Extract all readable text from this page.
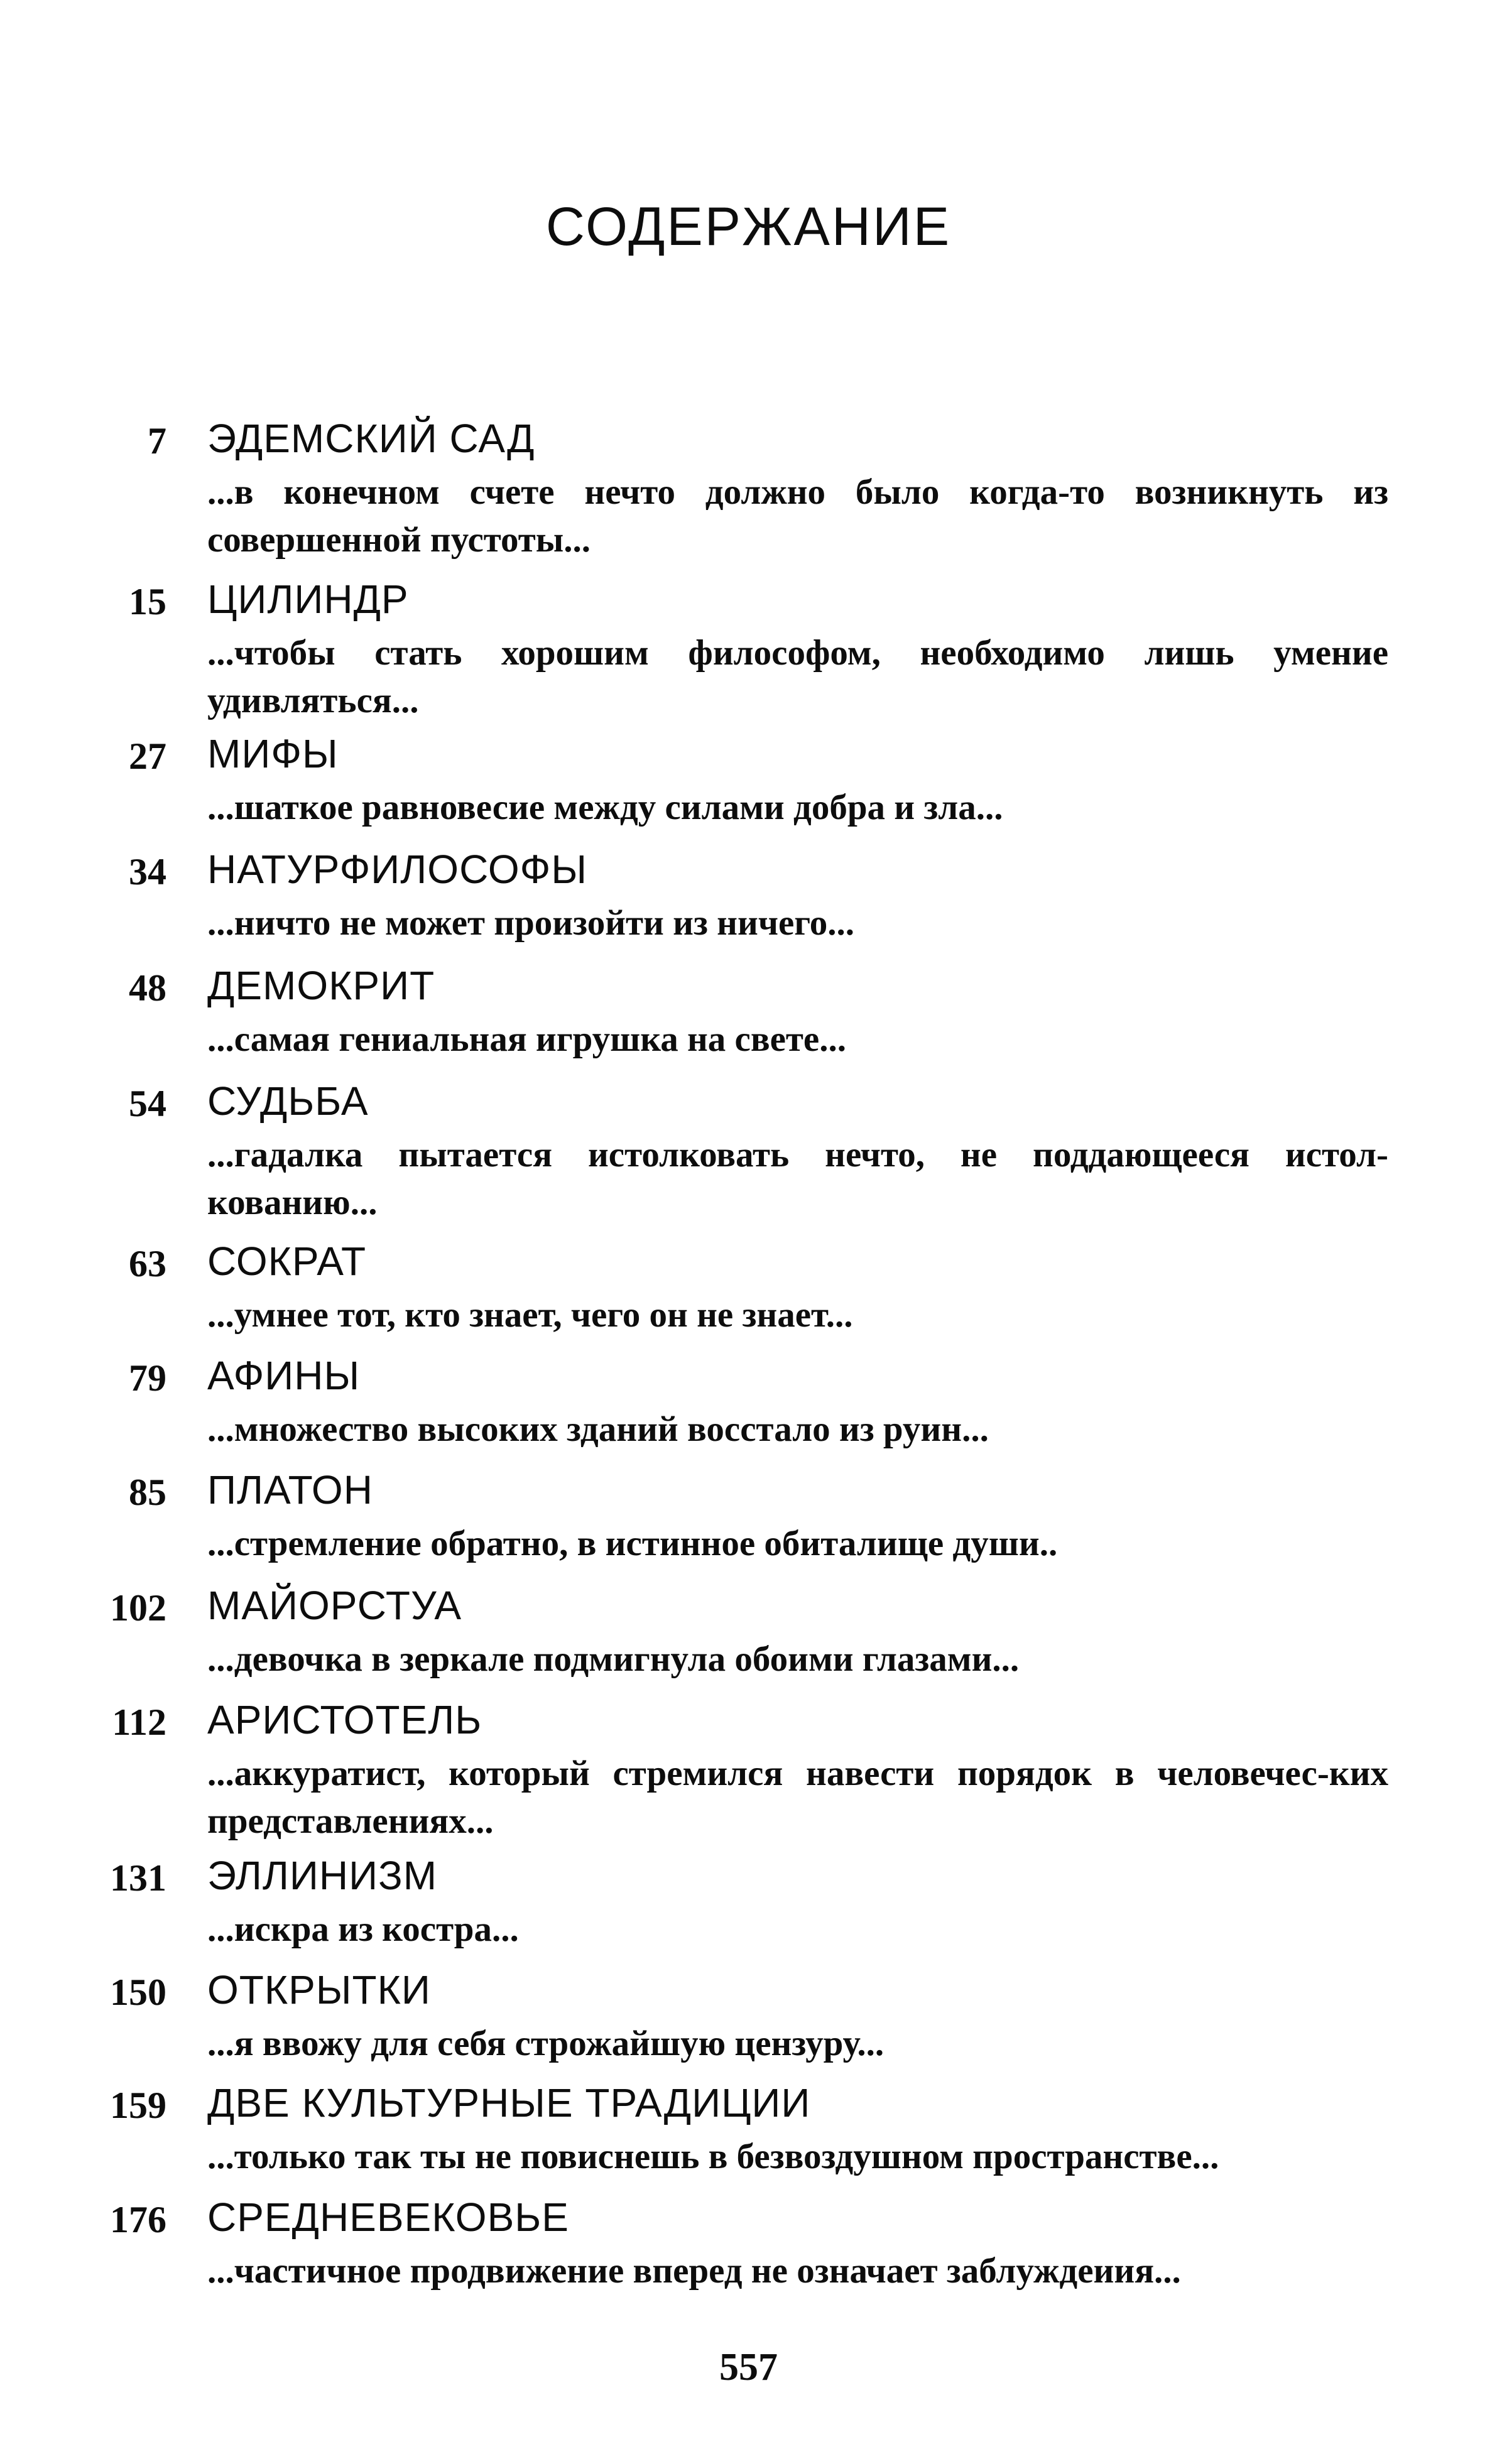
СОДЕРЖАНИЕ
7 ЭДЕМСКИЙ САД
...в конечном счете нечто должно было когда-то возникнуть из совершенной пустоты...
15 ЦИЛИНДР
...чтобы стать хорошим философом, необходимо лишь умение удивляться...
27 МИФЫ
...шаткое равновесие между силами добра и зла...
34 НАТУРФИЛОСОФЫ
...ничто не может произойти из ничего...
48 ДЕМОКРИТ
...самая гениальная игрушка на свете...
54 СУДЬБА
...гадалка пытается истолковать нечто, не поддающееся истол-кованию...
63 СОКРАТ
...умнее тот, кто знает, чего он не знает...
79 АФИНЫ
...множество высоких зданий восстало из руин...
85 ПЛАТОН
...стремление обратно, в истинное обиталище души..
102 МАЙОРСТУА
...девочка в зеркале подмигнула обоими глазами...
112 АРИСТОТЕЛЬ
...аккуратист, который стремился навести порядок в человечес-ких представлениях...
131 ЭЛЛИНИЗМ
...искра из костра...
150 ОТКРЫТКИ
...я ввожу для себя строжайшую цензуру...
159 ДВЕ КУЛЬТУРНЫЕ ТРАДИЦИИ
...только так ты не повиснешь в безвоздушном пространстве...
176 СРЕДНЕВЕКОВЬЕ
...частичное продвижение вперед не означает заблуждеиия...
557
